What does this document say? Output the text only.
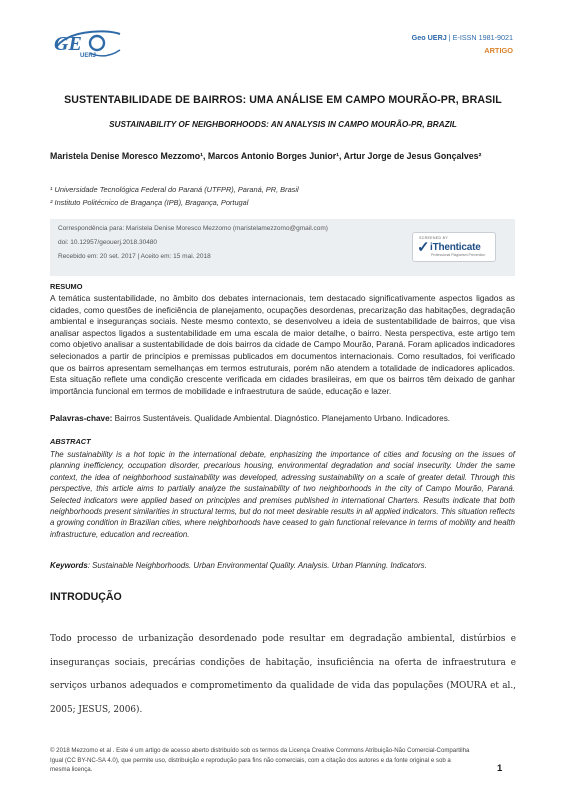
GE
UERJ
Geo UERJ | E-ISSN 1981-9021
ARTIGO
SUSTENTABILIDADE DE BAIRROS: UMA ANÁLISE EM CAMPO MOURÃO-PR, BRASIL
SUSTAINABILITY OF NEIGHBORHOODS: AN ANALYSIS IN CAMPO MOURÃO-PR, BRAZIL
Maristela Denise Moresco Mezzomo¹, Marcos Antonio Borges Junior¹, Artur Jorge de Jesus Gonçalves²
¹ Universidade Tecnológica Federal do Paraná (UTFPR), Paraná, PR, Brasil
² Instituto Politécnico de Bragança (IPB), Bragança, Portugal
Correspondência para: Maristela Denise Moresco Mezzomo (maristelamezzomo@gmail.com)
doi: 10.12957/geouerj.2018.30480
Recebido em: 20 set. 2017 | Aceito em: 15 mai. 2018
SCREENED BY
✓ iThenticate
Professional Plagiarism Prevention
RESUMO
A temática sustentabilidade, no âmbito dos debates internacionais, tem destacado significativamente aspectos ligados as cidades, como questões de ineficiência de planejamento, ocupações desordenas, precarização das habitações, degradação ambiental e inseguranças sociais. Neste mesmo contexto, se desenvolveu a ideia de sustentabilidade de bairros, que visa analisar aspectos ligados a sustentabilidade em uma escala de maior detalhe, o bairro. Nesta perspectiva, este artigo tem como objetivo analisar a sustentabilidade de dois bairros da cidade de Campo Mourão, Paraná. Foram aplicados indicadores selecionados a partir de princípios e premissas publicados em documentos internacionais. Como resultados, foi verificado que os bairros apresentam semelhanças em termos estruturais, porém não atendem a totalidade de indicadores aplicados. Esta situação reflete uma condição crescente verificada em cidades brasileiras, em que os bairros têm deixado de ganhar importância funcional em termos de mobilidade e infraestrutura de saúde, educação e lazer.
Palavras-chave: Bairros Sustentáveis. Qualidade Ambiental. Diagnóstico. Planejamento Urbano. Indicadores.
ABSTRACT
The sustainability is a hot topic in the international debate, enphasizing the importance of cities and focusing on the issues of planning inefficiency, occupation disorder, precarious housing, environmental degradation and social insecurity. Under the same context, the idea of neighborhood sustainability was developed, adressing sustainability on a scale of greater detail. Through this perspective, this article aims to partially analyze the sustainability of two neighborhoods in the city of Campo Mourão, Paraná. Selected indicators were applied based on principles and premises published in international Charters. Results indicate that both neighborhoods present similarities in structural terms, but do not meet desirable results in all applied indicators. This situation reflects a growing condition in Brazilian cities, where neighborhoods have ceased to gain functional relevance in terms of mobility and health infrastructure, education and recreation.
Keywords: Sustainable Neighborhoods. Urban Environmental Quality. Analysis. Urban Planning. Indicators.
INTRODUÇÃO
Todo processo de urbanização desordenado pode resultar em degradação ambiental, distúrbios e inseguranças sociais, precárias condições de habitação, insuficiência na oferta de infraestrutura e serviços urbanos adequados e comprometimento da qualidade de vida das populações (MOURA et al., 2005; JESUS, 2006).
© 2018 Mezzomo et al . Este é um artigo de acesso aberto distribuído sob os termos da Licença Creative Commons Atribuição-Não Comercial-Compartilha Igual (CC BY-NC-SA 4.0), que permite uso, distribuição e reprodução para fins não comerciais, com a citação dos autores e da fonte original e sob a mesma licença.	1
